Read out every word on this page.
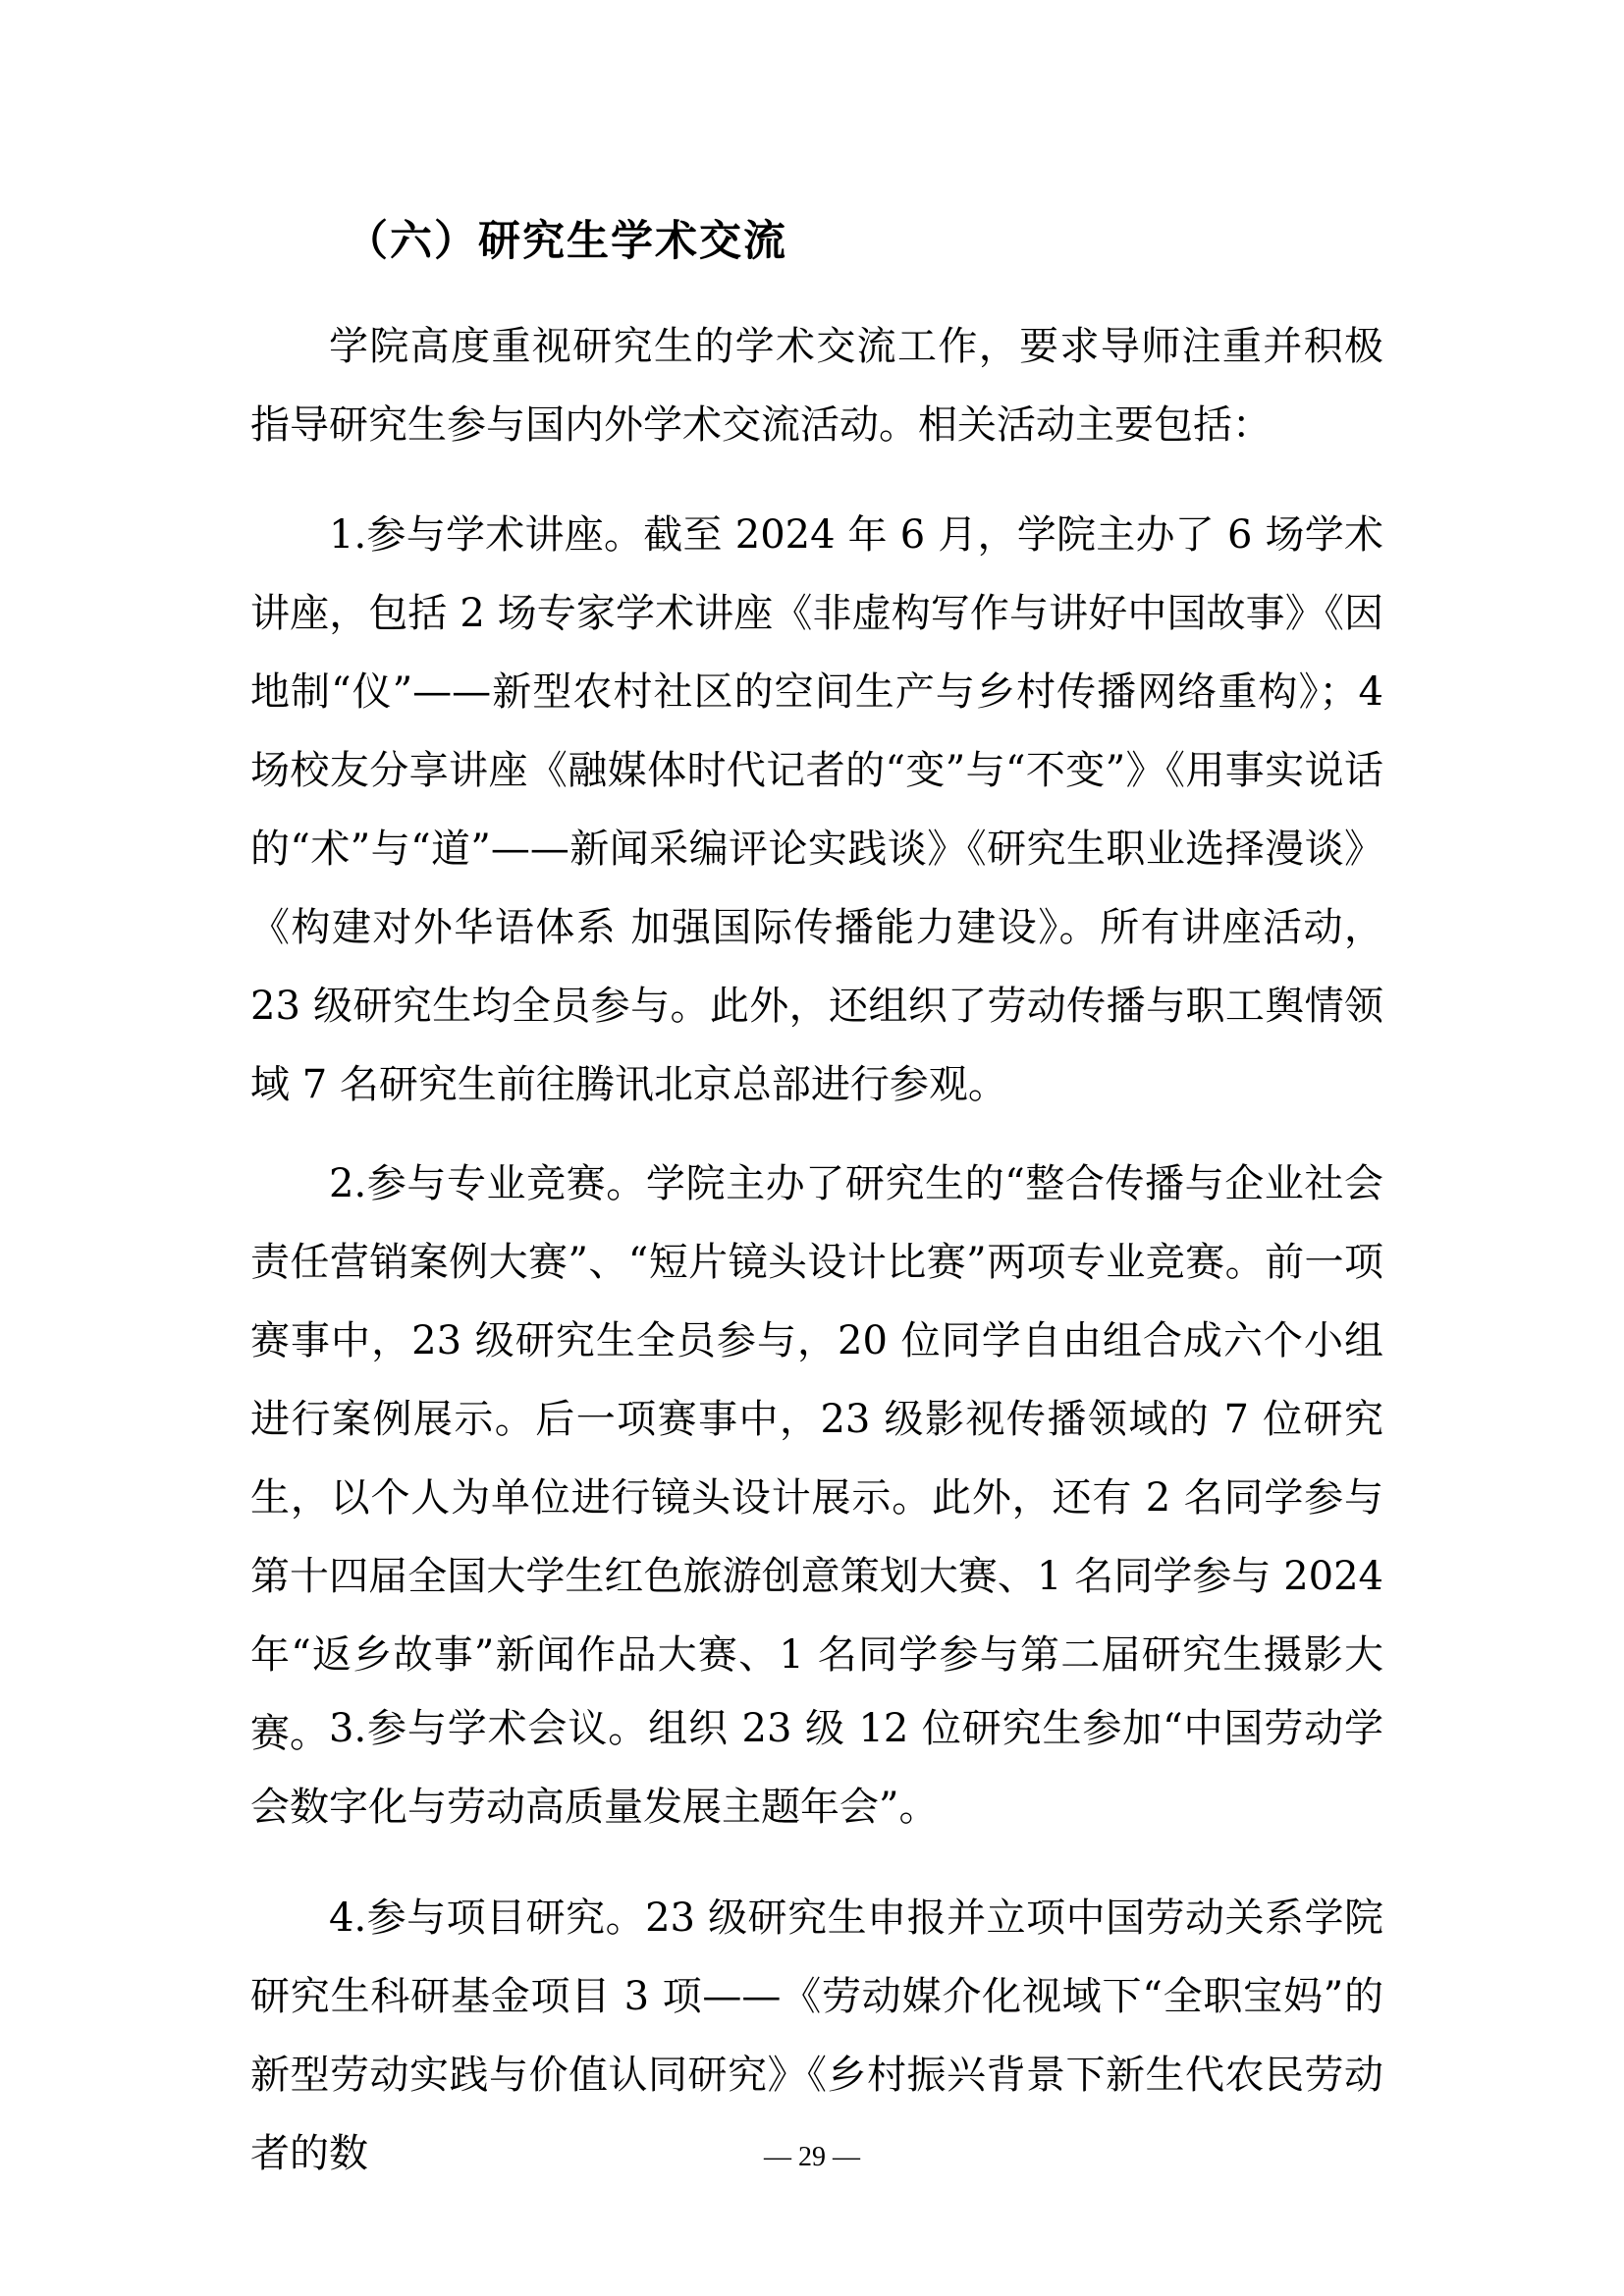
（六）研究生学术交流

学院高度重视研究生的学术交流工作，要求导师注重并积极指导研究生参与国内外学术交流活动。相关活动主要包括：

1.参与学术讲座。截至 2024 年 6 月，学院主办了 6 场学术讲座，包括 2 场专家学术讲座《非虚构写作与讲好中国故事》《因地制“仪”——新型农村社区的空间生产与乡村传播网络重构》；4 场校友分享讲座《融媒体时代记者的“变”与“不变”》《用事实说话的“术”与“道”——新闻采编评论实践谈》《研究生职业选择漫谈》《构建对外华语体系 加强国际传播能力建设》。所有讲座活动，23 级研究生均全员参与。此外，还组织了劳动传播与职工舆情领域 7 名研究生前往腾讯北京总部进行参观。

2.参与专业竞赛。学院主办了研究生的“整合传播与企业社会责任营销案例大赛”、“短片镜头设计比赛”两项专业竞赛。前一项赛事中，23 级研究生全员参与，20 位同学自由组合成六个小组进行案例展示。后一项赛事中，23 级影视传播领域的 7 位研究生，以个人为单位进行镜头设计展示。此外，还有 2 名同学参与第十四届全国大学生红色旅游创意策划大赛、1 名同学参与 2024 年“返乡故事”新闻作品大赛、1 名同学参与第二届研究生摄影大赛。 3.参与学术会议。组织 23 级 12 位研究生参加“中国劳动学会数字化与劳动高质量发展主题年会”。

4.参与项目研究。23 级研究生申报并立项中国劳动关系学院研究生科研基金项目 3 项——《劳动媒介化视域下“全职宝妈”的新型劳动实践与价值认同研究》《乡村振兴背景下新生代农民劳动者的数	— 29 —
